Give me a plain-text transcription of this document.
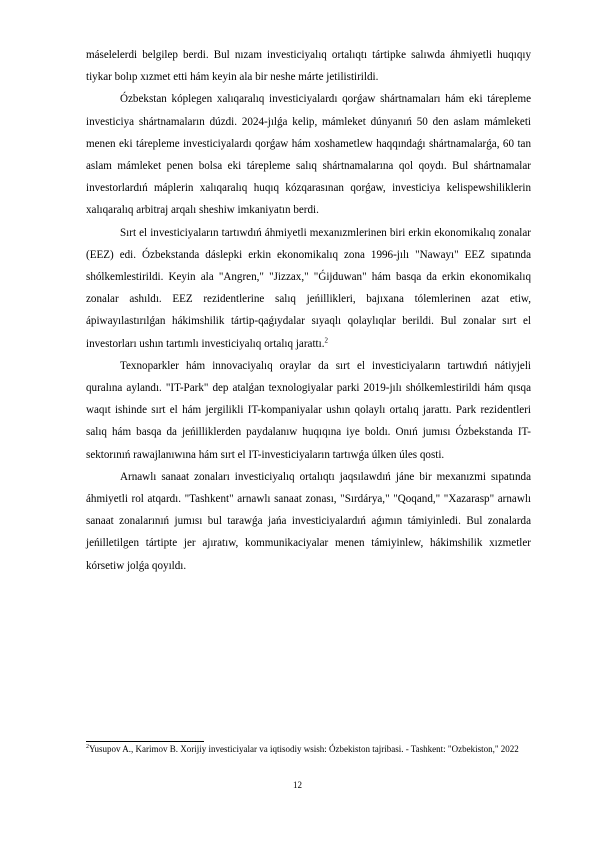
máselelerdi belgilep berdi. Bul nızam investiciyalıq ortalıqtı tártipke salıwda áhmiyetli huqıqıy tiykar bolıp xızmet etti hám keyin ala bir neshe márte jetilistirildi.

Ózbekstan kóplegen xalıqaralıq investiciyalardı qorǵaw shártnamaları hám eki tárepleme investiciya shártnamaların dúzdi. 2024-jılǵa kelip, mámleket dúnyanıń 50 den aslam mámleketi menen eki tárepleme investiciyalardı qorǵaw hám xoshametlew haqqındaǵı shártnamalarǵa, 60 tan aslam mámleket penen bolsa eki tárepleme salıq shártnamalarına qol qoydı. Bul shártnamalar investorlardıń máplerin xalıqaralıq huqıq kózqarasınan qorǵaw, investiciya kelispewshiliklerin xalıqaralıq arbitraj arqalı sheshiw imkaniyatın berdi.

Sırt el investiciyaların tartıwdıń áhmiyetli mexanızmlerinen biri erkin ekonomikalıq zonalar (EEZ) edi. Ózbekstanda dáslepki erkin ekonomikalıq zona 1996-jılı "Nawayı" EEZ sıpatında shólkemlestirildi. Keyin ala "Angren," "Jizzax," "Ǵijduwan" hám basqa da erkin ekonomikalıq zonalar ashıldı. EEZ rezidentlerine salıq jeńillikleri, bajıxana tólemlerinen azat etiw, ápiwayılastırılǵan hákimshilik tártip-qaǵıydalar sıyaqlı qolaylıqlar berildi. Bul zonalar sırt el investorları ushın tartımlı investiciyalıq ortalıq jarattı.$^2$

Texnoparkler hám innovaciyalıq oraylar da sırt el investiciyaların tartıwdıń nátiyjeli quralına aylandı. "IT-Park" dep atalǵan texnologiyalar parki 2019-jılı shólkemlestirildi hám qısqa waqıt ishinde sırt el hám jergilikli IT-kompaniyalar ushın qolaylı ortalıq jarattı. Park rezidentleri salıq hám basqa da jeńilliklerden paydalanıw huqıqına iye boldı. Onıń jumısı Ózbekstanda IT-sektorınıń rawajlanıwına hám sırt el IT-investiciyaların tartıwǵa úlken úles qosti.

Arnawlı sanaat zonaları investiciyalıq ortalıqtı jaqsılawdıń jáne bir mexanızmi sıpatında áhmiyetli rol atqardı. "Tashkent" arnawlı sanaat zonası, "Sırdárya," "Qoqand," "Xazarasp" arnawlı sanaat zonalarınıń jumısı bul tarawǵa jańa investiciyalardıń aǵımın támiyinledi. Bul zonalarda jeńilletilgen tártipte jer ajıratıw, kommunikaciyalar menen támiyinlew, hákimshilik xızmetler kórsetiw jolǵa qoyıldı.

$^2$Yusupov A., Karimov B. Xorijiy investiciyalar va iqtisodiy wsish: Ózbekiston tajribasi. - Tashkent: "Ozbekiston," 2022
12
